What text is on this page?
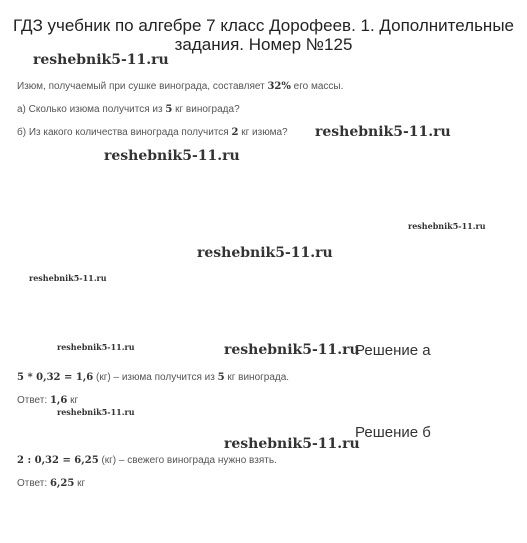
ГДЗ учебник по алгебре 7 класс Дорофеев. 1. Дополнительные
задания. Номер №125
reshebnik5-11.ru
Изюм, получаемый при сушке винограда, составляет 32% его массы.
а) Сколько изюма получится из 5 кг винограда?
б) Из какого количества винограда получится 2 кг изюма? reshebnik5-11.ru
reshebnik5-11.ru
reshebnik5-11.ru
reshebnik5-11.ru
reshebnik5-11.ru
reshebnik5-11.ru	reshebnik5-11.ru
Решение а
5 * 0,32 = 1,6 (кг) – изюма получится из 5 кг винограда.
Ответ: 1,6 кг
reshebnik5-11.ru
Решение б
reshebnik5-11.ru
2 : 0,32 = 6,25 (кг) – свежего винограда нужно взять.
Ответ: 6,25 кг
